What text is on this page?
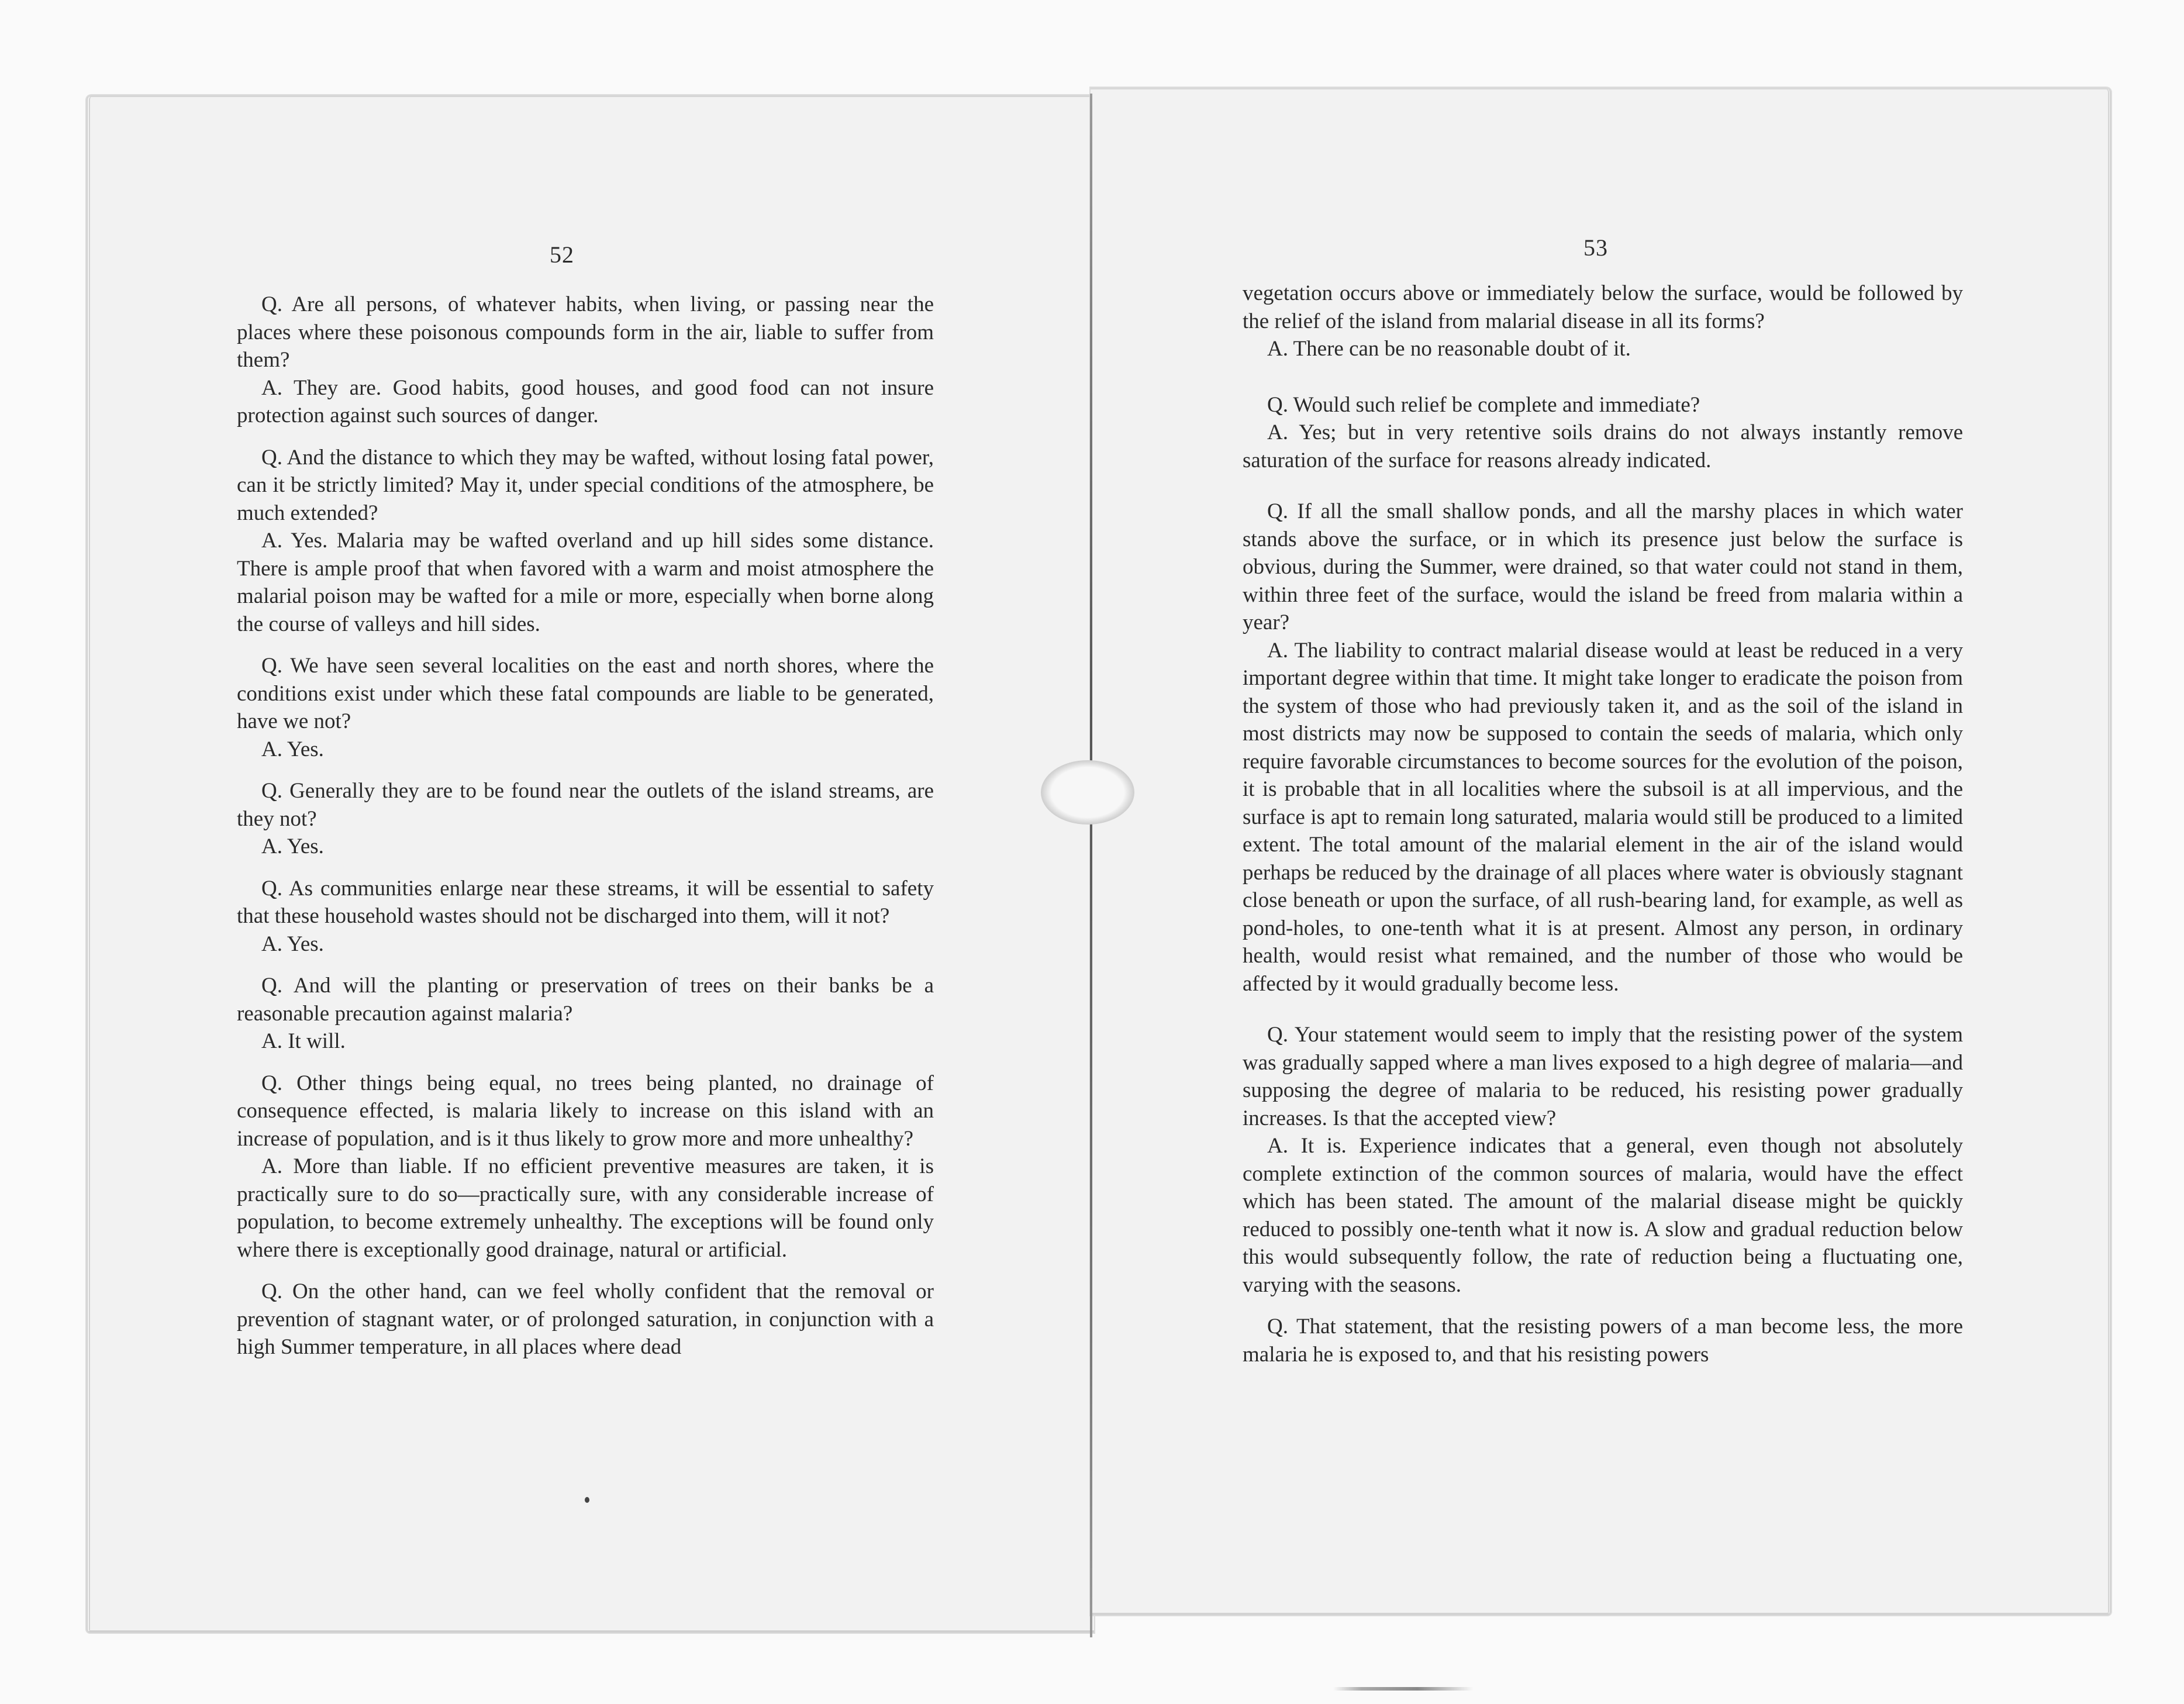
52	53

Q. Are all persons, of whatever habits, when living, or passing near the places where these poisonous compounds form in the air, liable to suffer from them?

A. They are. Good habits, good houses, and good food can not insure protection against such sources of danger.

Q. And the distance to which they may be wafted, without losing fatal power, can it be strictly limited? May it, under special conditions of the atmosphere, be much extended?

A. Yes. Malaria may be wafted overland and up hill sides some distance. There is ample proof that when favored with a warm and moist atmosphere the malarial poison may be wafted for a mile or more, especially when borne along the course of valleys and hill sides.

Q. We have seen several localities on the east and north shores, where the conditions exist under which these fatal compounds are liable to be generated, have we not?

A. Yes.

Q. Generally they are to be found near the outlets of the island streams, are they not?

A. Yes.

Q. As communities enlarge near these streams, it will be essential to safety that these household wastes should not be discharged into them, will it not?

A. Yes.

Q. And will the planting or preservation of trees on their banks be a reasonable precaution against malaria?

A. It will.

Q. Other things being equal, no trees being planted, no drainage of consequence effected, is malaria likely to increase on this island with an increase of population, and is it thus likely to grow more and more unhealthy?

A. More than liable. If no efficient preventive measures are taken, it is practically sure to do so—practically sure, with any considerable increase of population, to become extremely unhealthy. The exceptions will be found only where there is exceptionally good drainage, natural or artificial.

Q. On the other hand, can we feel wholly confident that the removal or prevention of stagnant water, or of prolonged saturation, in conjunction with a high Summer temperature, in all places where dead

vegetation occurs above or immediately below the surface, would be followed by the relief of the island from malarial disease in all its forms?

A. There can be no reasonable doubt of it.

Q. Would such relief be complete and immediate?

A. Yes; but in very retentive soils drains do not always instantly remove saturation of the surface for reasons already indicated.

Q. If all the small shallow ponds, and all the marshy places in which water stands above the surface, or in which its presence just below the surface is obvious, during the Summer, were drained, so that water could not stand in them, within three feet of the surface, would the island be freed from malaria within a year?

A. The liability to contract malarial disease would at least be reduced in a very important degree within that time. It might take longer to eradicate the poison from the system of those who had previously taken it, and as the soil of the island in most districts may now be supposed to contain the seeds of malaria, which only require favorable circumstances to become sources for the evolution of the poison, it is probable that in all localities where the subsoil is at all impervious, and the surface is apt to remain long saturated, malaria would still be produced to a limited extent. The total amount of the malarial element in the air of the island would perhaps be reduced by the drainage of all places where water is obviously stagnant close beneath or upon the surface, of all rush-bearing land, for example, as well as pond-holes, to one-tenth what it is at present. Almost any person, in ordinary health, would resist what remained, and the number of those who would be affected by it would gradually become less.

Q. Your statement would seem to imply that the resisting power of the system was gradually sapped where a man lives exposed to a high degree of malaria—and supposing the degree of malaria to be reduced, his resisting power gradually increases. Is that the accepted view?

A. It is. Experience indicates that a general, even though not absolutely complete extinction of the common sources of malaria, would have the effect which has been stated. The amount of the malarial disease might be quickly reduced to possibly one-tenth what it now is. A slow and gradual reduction below this would subsequently follow, the rate of reduction being a fluctuating one, varying with the seasons.

Q. That statement, that the resisting powers of a man become less, the more malaria he is exposed to, and that his resisting powers
